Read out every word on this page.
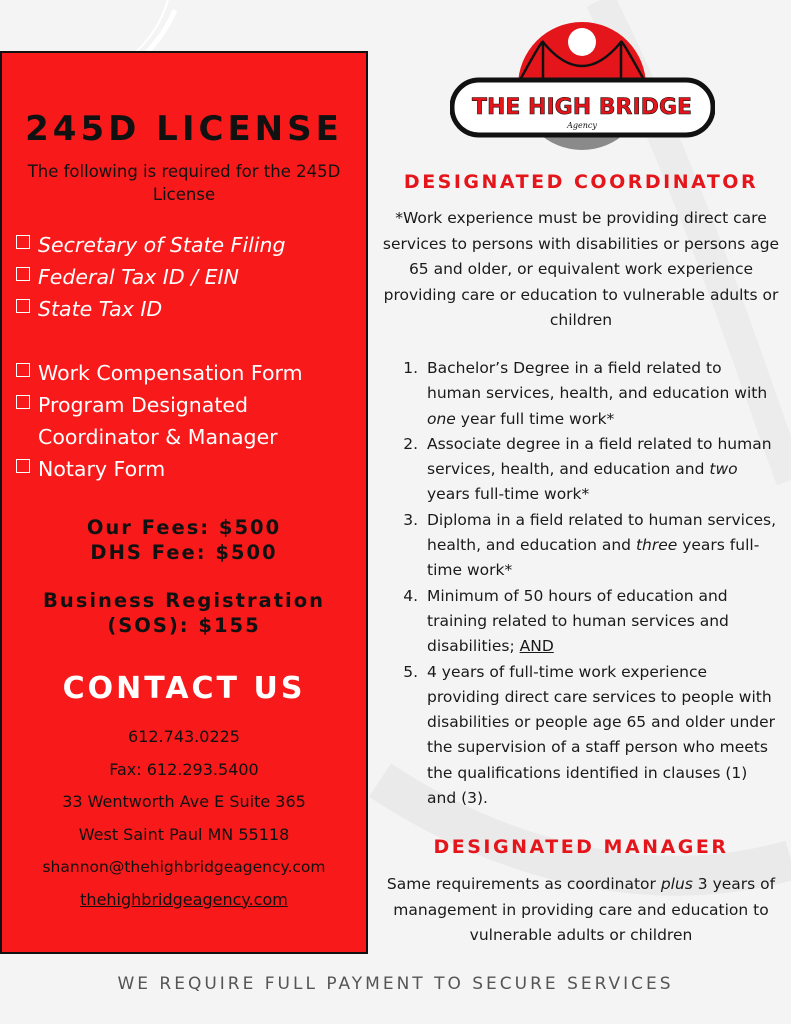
245D LICENSE
The following is required for the 245D License
Secretary of State Filing
Federal Tax ID / EIN
State Tax ID
Work Compensation Form
Program Designated Coordinator & Manager
Notary Form
Our Fees: $500
DHS Fee: $500
Business Registration
(SOS): $155
CONTACT US
612.743.0225
Fax: 612.293.5400
33 Wentworth Ave E Suite 365
West Saint Paul MN 55118
shannon@thehighbridgeagency.com
thehighbridgeagency.com
THE HIGH BRIDGE
Agency
DESIGNATED COORDINATOR
*Work experience must be providing direct care services to persons with disabilities or persons age 65 and older, or equivalent work experience providing care or education to vulnerable adults or children
1. Bachelor’s Degree in a field related to human services, health, and education with one year full time work*
2. Associate degree in a field related to human services, health, and education and two years full-time work*
3. Diploma in a field related to human services, health, and education and three years full-time work*
4. Minimum of 50 hours of education and training related to human services and disabilities; AND
5. 4 years of full-time work experience providing direct care services to people with disabilities or people age 65 and older under the supervision of a staff person who meets the qualifications identified in clauses (1) and (3).
DESIGNATED MANAGER
Same requirements as coordinator plus 3 years of management in providing care and education to vulnerable adults or children
WE REQUIRE FULL PAYMENT TO SECURE SERVICES
